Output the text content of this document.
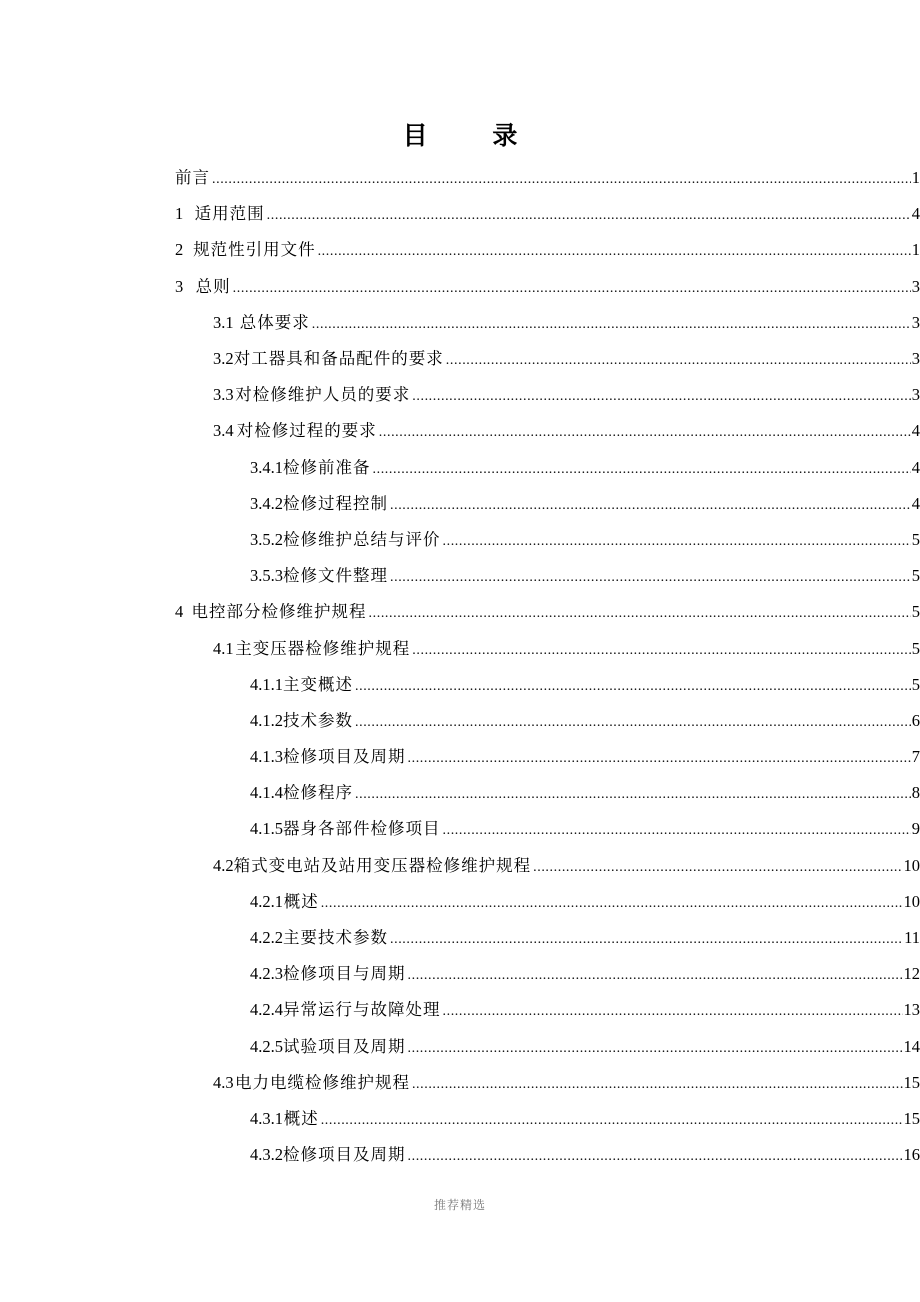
目 录
前言 .....	1
1 适用范围 .....	4
2 规范性引用文件 .....	1
3 总则 .....	3
3.1 总体要求 .....	3
3.2 对工器具和备品配件的要求 .....	3
3.3 对检修维护人员的要求 .....	3
3.4 对检修过程的要求 .....	4
3.4.1 检修前准备 .....	4
3.4.2 检修过程控制 .....	4
3.5.2 检修维护总结与评价 .....	5
3.5.3 检修文件整理 .....	5
4 电控部分检修维护规程 .....	5
4.1 主变压器检修维护规程 .....	5
4.1.1 主变概述 .....	5
4.1.2 技术参数 .....	6
4.1.3 检修项目及周期 .....	7
4.1.4 检修程序 .....	8
4.1.5 器身各部件检修项目 .....	9
4.2 箱式变电站及站用变压器检修维护规程 .....	10
4.2.1 概述 .....	10
4.2.2 主要技术参数 .....	11
4.2.3 检修项目与周期 .....	12
4.2.4 异常运行与故障处理 .....	13
4.2.5 试验项目及周期 .....	14
4.3 电力电缆检修维护规程 .....	15
4.3.1 概述 .....	15
4.3.2 检修项目及周期 .....	16
推荐精选
